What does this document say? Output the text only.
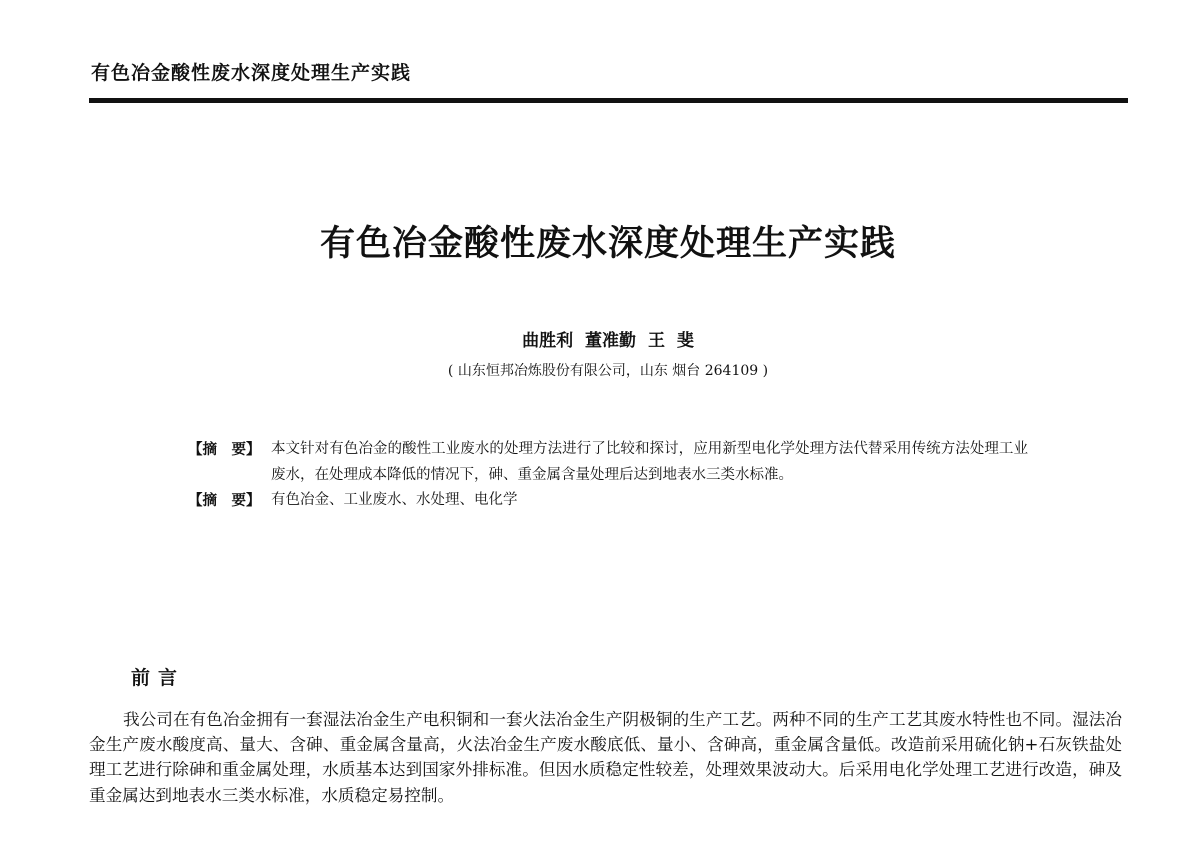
有色冶金酸性废水深度处理生产实践
有色冶金酸性废水深度处理生产实践
曲胜利 董准勤 王 斐
( 山东恒邦冶炼股份有限公司，山东 烟台 264109 )
【摘　要】 本文针对有色冶金的酸性工业废水的处理方法进行了比较和探讨，应用新型电化学处理方法代替采用传统方法处理工业废水，在处理成本降低的情况下，砷、重金属含量处理后达到地表水三类水标准。
【摘　要】 有色冶金、工业废水、水处理、电化学
前言

我公司在有色冶金拥有一套湿法冶金生产电积铜和一套火法冶金生产阴极铜的生产工艺。两种不同的生产工艺其废水特性也不同。湿法冶金生产废水酸度高、量大、含砷、重金属含量高，火法冶金生产废水酸底低、量小、含砷高，重金属含量低。改造前采用硫化钠+石灰铁盐处理工艺进行除砷和重金属处理，水质基本达到国家外排标准。但因水质稳定性较差，处理效果波动大。后采用电化学处理工艺进行改造，砷及重金属达到地表水三类水标准，水质稳定易控制。
